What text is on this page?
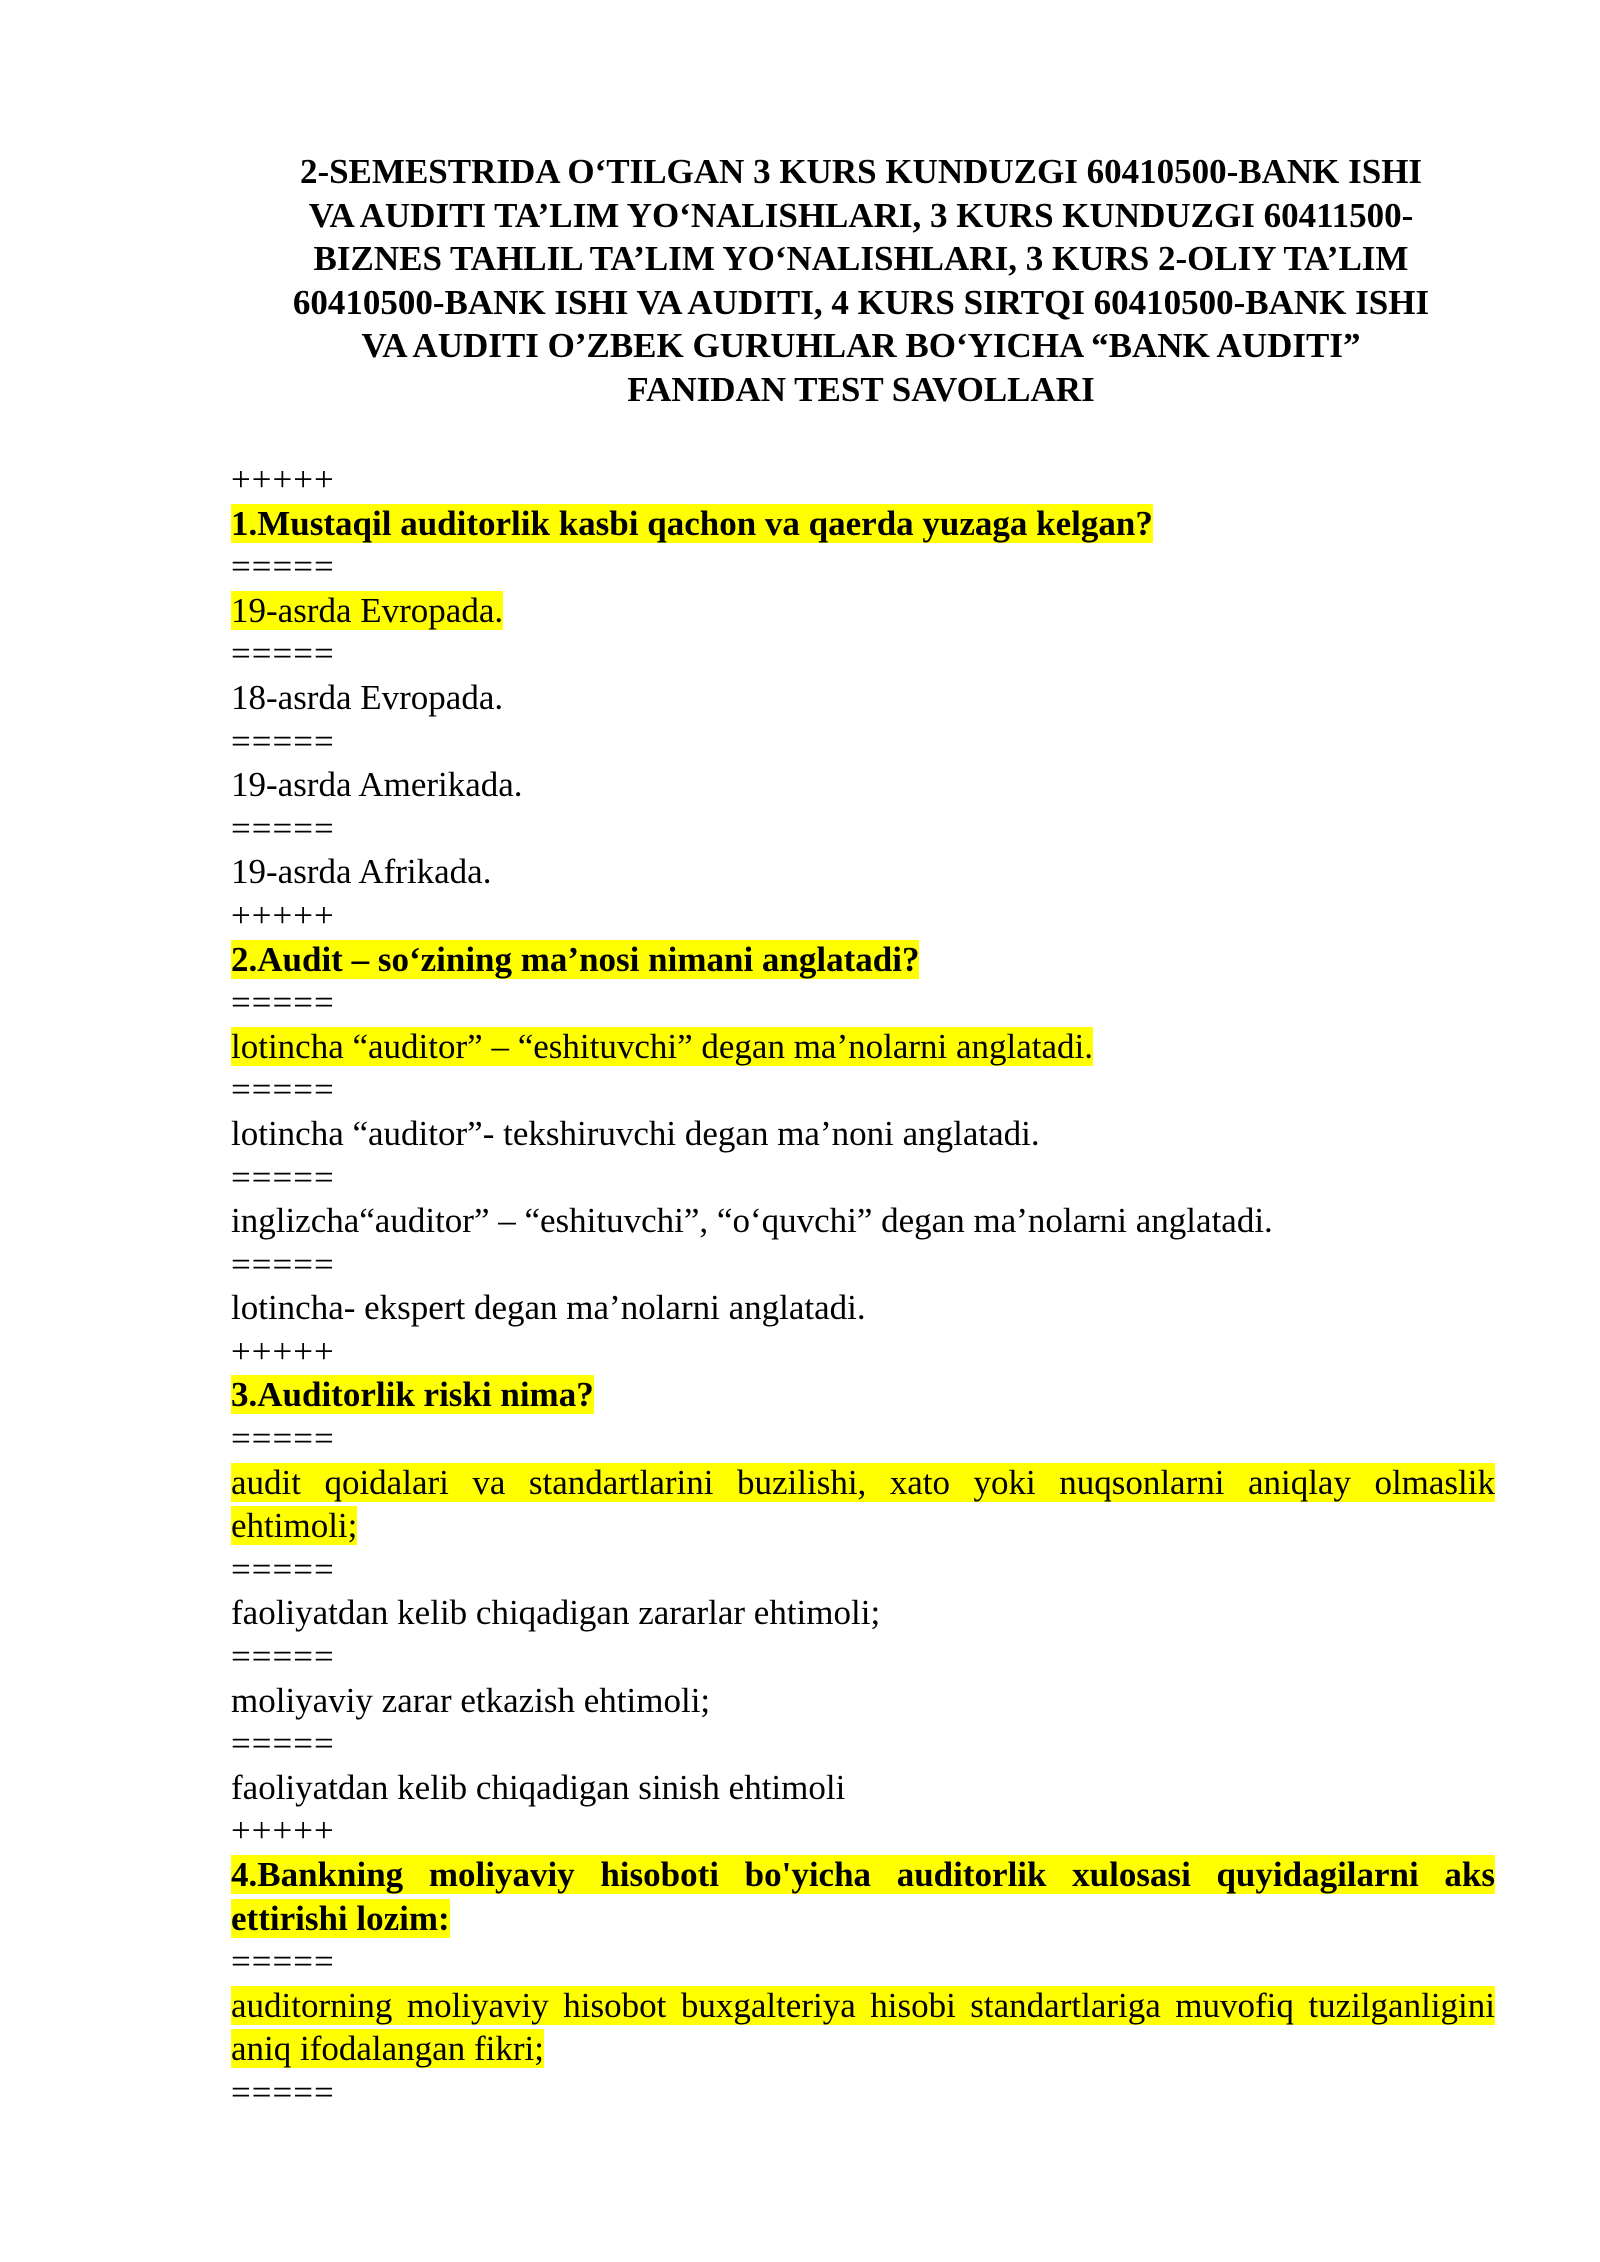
2-SEMESTRIDA O‘TILGAN 3 KURS KUNDUZGI 60410500-BANK ISHI
VA AUDITI TA’LIM YO‘NALISHLARI, 3 KURS KUNDUZGI 60411500-
BIZNES TAHLIL TA’LIM YO‘NALISHLARI, 3 KURS 2-OLIY TA’LIM
60410500-BANK ISHI VA AUDITI, 4 KURS SIRTQI 60410500-BANK ISHI
VA AUDITI O’ZBEK GURUHLAR BO‘YICHA “BANK AUDITI”
FANIDAN TEST SAVOLLARI
+++++
1.Mustaqil auditorlik kasbi qachon va qaerda yuzaga kelgan?
=====
19-asrda Evropada.
=====
18-asrda Evropada.
=====
19-asrda Amerikada.
=====
19-asrda Afrikada.
+++++
2.Audit – so‘zining ma’nosi nimani anglatadi?
=====
lotincha “auditor” – “eshituvchi” degan ma’nolarni anglatadi.
=====
lotincha “auditor”- tekshiruvchi degan ma’noni anglatadi.
=====
inglizcha“auditor” – “eshituvchi”, “o‘quvchi” degan ma’nolarni anglatadi.
=====
lotincha- ekspert degan ma’nolarni anglatadi.
+++++
3.Auditorlik riski nima?
=====
audit qoidalari va standartlarini buzilishi, xato yoki nuqsonlarni aniqlay olmaslik ehtimoli;
=====
faoliyatdan kelib chiqadigan zararlar ehtimoli;
=====
moliyaviy zarar etkazish ehtimoli;
=====
faoliyatdan kelib chiqadigan sinish ehtimoli
+++++
4.Bankning moliyaviy hisoboti bo'yicha auditorlik xulosasi quyidagilarni aks ettirishi lozim:
=====
auditorning moliyaviy hisobot buxgalteriya hisobi standartlariga muvofiq tuzilganligini aniq ifodalangan fikri;
=====
